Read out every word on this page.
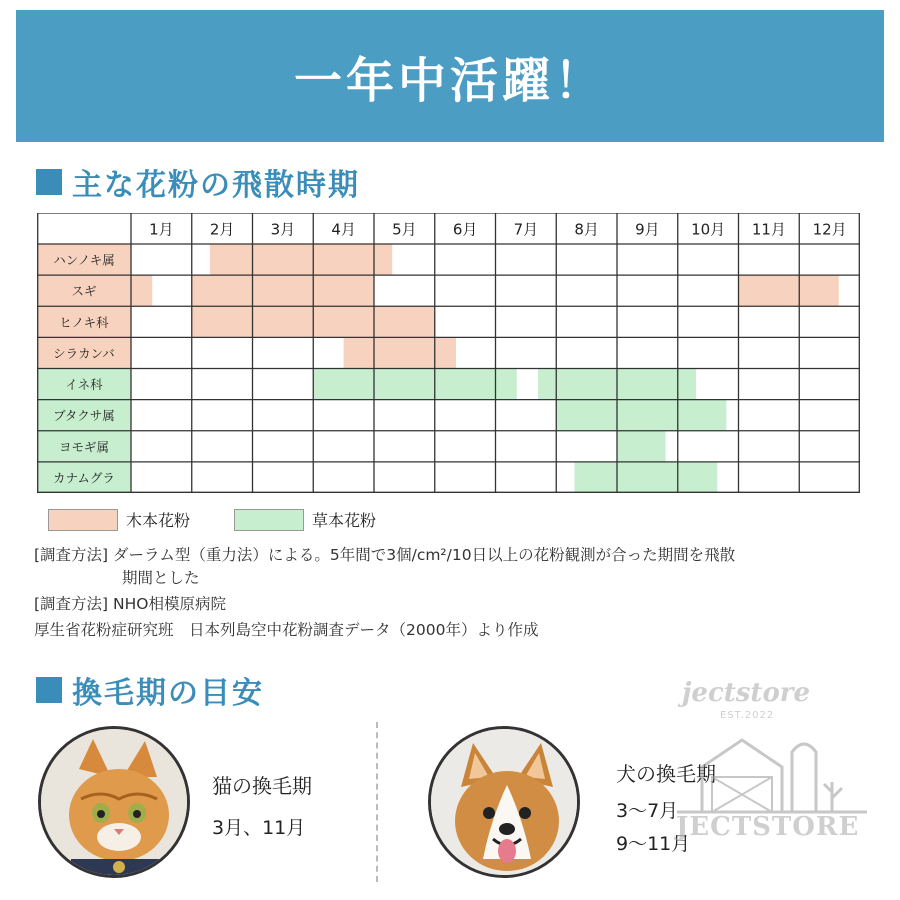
一年中活躍！
主な花粉の飛散時期
ハンノキ属
スギ
ヒノキ科
シラカンバ
イネ科
ブタクサ属
ヨモギ属
カナムグラ
1月 2月 3月 4月 5月 6月 7月 8月 9月 10月 11月 12月
木本花粉	草本花粉

[調査方法] ダーラム型（重力法）による。5年間で3個/cm²/10日以上の花粉観測が合った期間を飛散
期間とした

[調査方法] NHO相模原病院

厚生省花粉症研究班　日本列島空中花粉調査データ（2000年）より作成

換毛期の目安
猫の換毛期
3月、11月
犬の換毛期
3〜7月
9〜11月
jectstore
EST.2022
JECTSTORE
